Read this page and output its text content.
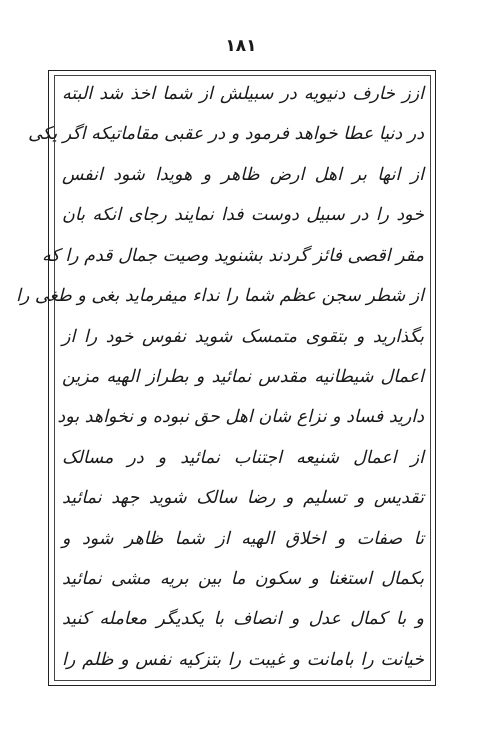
۱۸۱
ازز خارف دنیویه در سبیلش از شما اخذ شد البته
در دنیا عطا خواهد فرمود و در عقبی مقاماتیکه اگر یکی
از انها بر اهل ارض ظاهر و هویدا شود انفس
خود را در سبیل دوست فدا نمایند رجای انکه بان
مقر اقصی فائز گردند بشنوید وصیت جمال قدم را که
از شطر سجن عظم شما را نداء میفرماید بغی و طغی را
بگذارید و بتقوی متمسک شوید نفوس خود را از
اعمال شیطانیه مقدس نمائید و بطراز الهیه مزین
دارید فساد و نزاع شان اهل حق نبوده و نخواهد بود
از اعمال شنیعه اجتناب نمائید و در مسالک
تقدیس و تسلیم و رضا سالک شوید جهد نمائید
تا صفات و اخلاق الهیه از شما ظاهر شود و
بکمال استغنا و سکون ما بین بریه مشی نمائید
و با کمال عدل و انصاف با یکدیگر معامله کنید
خیانت را بامانت و غیبت را بتزکیه نفس و ظلم را
